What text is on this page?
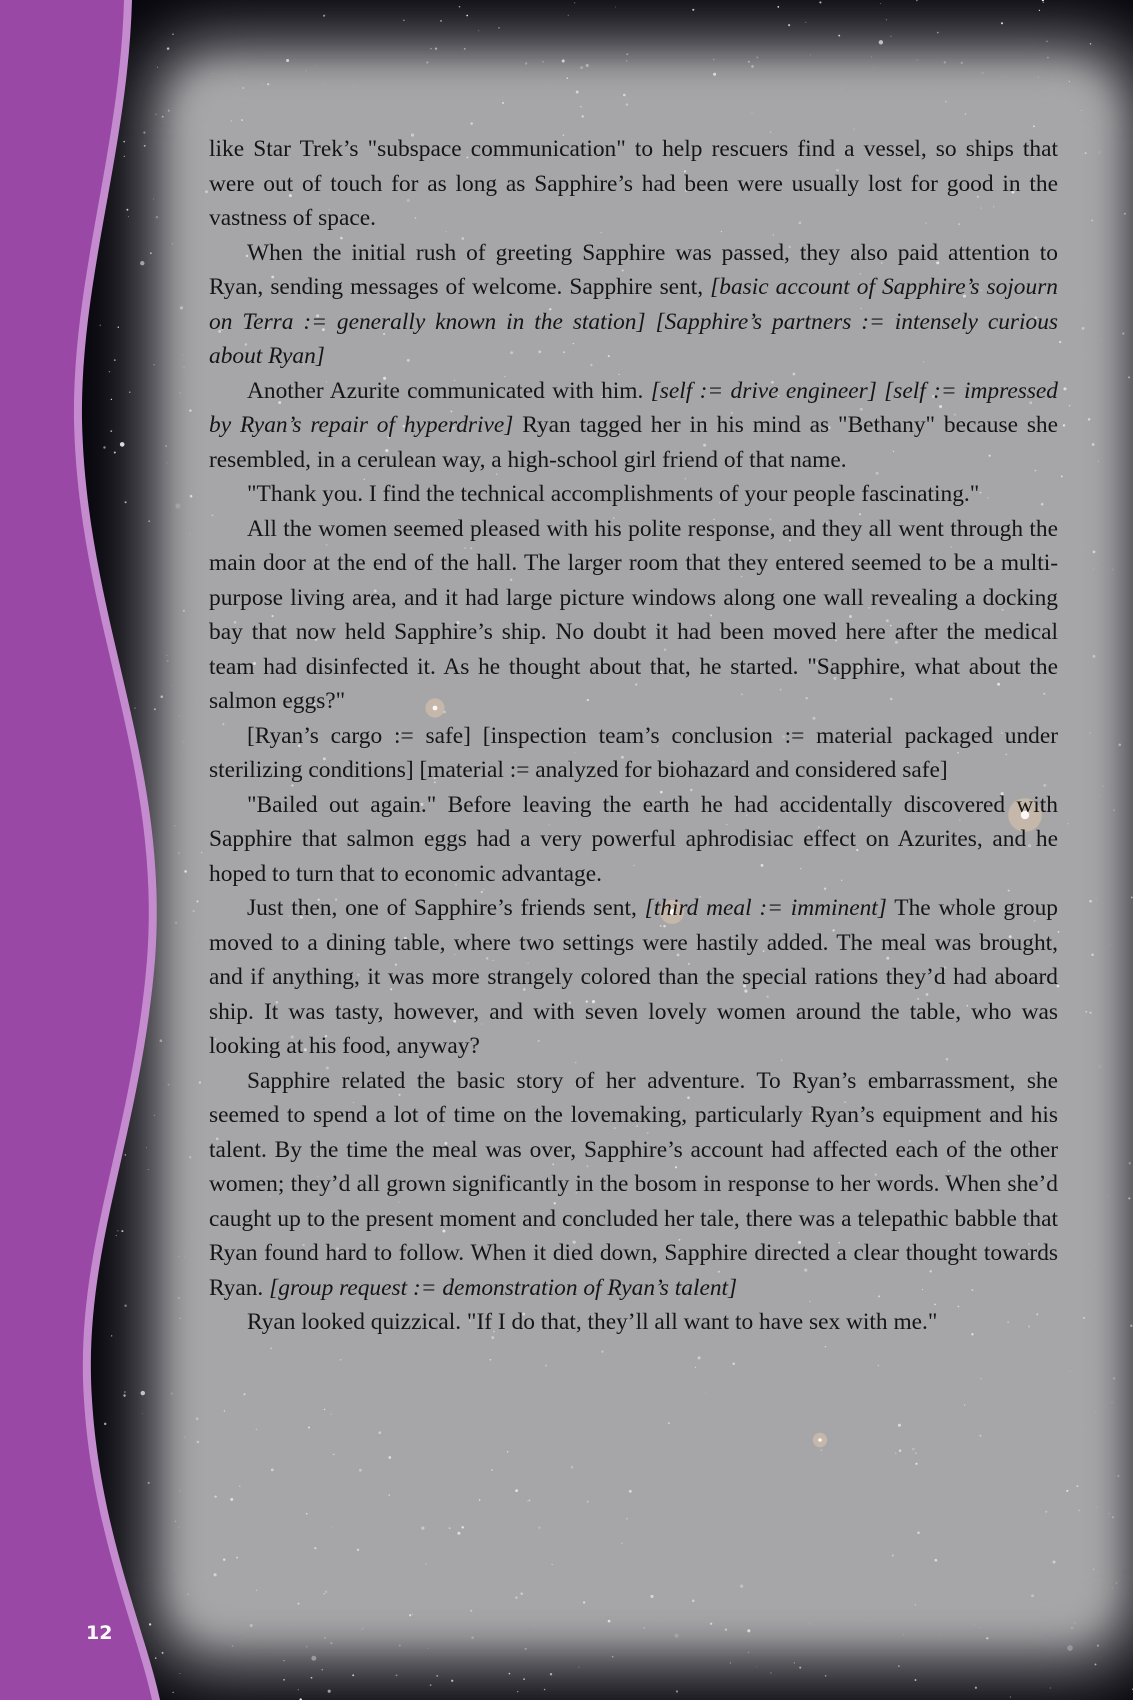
like Star Trek’s "subspace communication" to help rescuers find a vessel, so ships that were out of touch for as long as Sapphire’s had been were usually lost for good in the vastness of space.

When the initial rush of greeting Sapphire was passed, they also paid attention to Ryan, sending messages of welcome. Sapphire sent, [basic account of Sapphire’s sojourn on Terra := generally known in the station] [Sapphire’s partners := intensely curious about Ryan]

Another Azurite communicated with him. [self := drive engineer] [self := impressed by Ryan’s repair of hyperdrive] Ryan tagged her in his mind as "Bethany" because she resembled, in a cerulean way, a high-school girl friend of that name.

"Thank you. I find the technical accomplishments of your people fascinating."

All the women seemed pleased with his polite response, and they all went through the main door at the end of the hall. The larger room that they entered seemed to be a multi-purpose living area, and it had large picture windows along one wall revealing a docking bay that now held Sapphire’s ship. No doubt it had been moved here after the medical team had disinfected it. As he thought about that, he started. "Sapphire, what about the salmon eggs?"

[Ryan’s cargo := safe] [inspection team’s conclusion := material packaged under sterilizing conditions] [material := analyzed for biohazard and considered safe]

"Bailed out again." Before leaving the earth he had accidentally discovered with Sapphire that salmon eggs had a very powerful aphrodisiac effect on Azurites, and he hoped to turn that to economic advantage.

Just then, one of Sapphire’s friends sent, [third meal := imminent] The whole group moved to a dining table, where two settings were hastily added. The meal was brought, and if anything, it was more strangely colored than the special rations they’d had aboard ship. It was tasty, however, and with seven lovely women around the table, who was looking at his food, anyway?

Sapphire related the basic story of her adventure. To Ryan’s embarrassment, she seemed to spend a lot of time on the lovemaking, particularly Ryan’s equipment and his talent. By the time the meal was over, Sapphire’s account had affected each of the other women; they’d all grown significantly in the bosom in response to her words. When she’d caught up to the present moment and concluded her tale, there was a telepathic babble that Ryan found hard to follow. When it died down, Sapphire directed a clear thought towards Ryan. [group request := demonstration of Ryan’s talent]

Ryan looked quizzical. "If I do that, they’ll all want to have sex with me."

12
